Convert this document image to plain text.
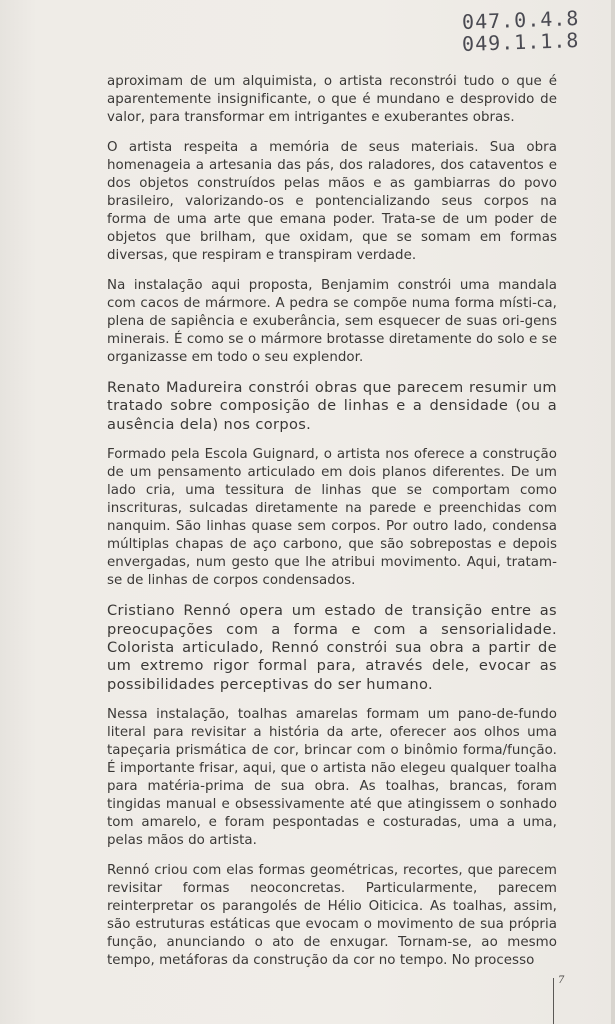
047.0.4.8
049.1.1.8

aproximam de um alquimista, o artista reconstrói tudo o que é aparentemente insignificante, o que é mundano e desprovido de valor, para transformar em intrigantes e exuberantes obras.

O artista respeita a memória de seus materiais. Sua obra homenageia a artesania das pás, dos raladores, dos cataventos e dos objetos construídos pelas mãos e as gambiarras do povo brasileiro, valorizando-os e pontencializando seus corpos na forma de uma arte que emana poder. Trata-se de um poder de objetos que brilham, que oxidam, que se somam em formas diversas, que respiram e transpiram verdade.

Na instalação aqui proposta, Benjamim constrói uma mandala com cacos de mármore. A pedra se compõe numa forma místi-ca, plena de sapiência e exuberância, sem esquecer de suas ori-gens minerais. É como se o mármore brotasse diretamente do solo e se organizasse em todo o seu explendor.

Renato Madureira constrói obras que parecem resumir um tratado sobre composição de linhas e a densidade (ou a ausência dela) nos corpos.

Formado pela Escola Guignard, o artista nos oferece a construção de um pensamento articulado em dois planos diferentes. De um lado cria, uma tessitura de linhas que se comportam como inscrituras, sulcadas diretamente na parede e preenchidas com nanquim. São linhas quase sem corpos. Por outro lado, condensa múltiplas chapas de aço carbono, que são sobrepostas e depois envergadas, num gesto que lhe atribui movimento. Aqui, tratam-se de linhas de corpos condensados.

Cristiano Rennó opera um estado de transição entre as preocupações com a forma e com a sensorialidade. Colorista articulado, Rennó constrói sua obra a partir de um extremo rigor formal para, através dele, evocar as possibilidades perceptivas do ser humano.

Nessa instalação, toalhas amarelas formam um pano-de-fundo literal para revisitar a história da arte, oferecer aos olhos uma tapeçaria prismática de cor, brincar com o binômio forma/função. É importante frisar, aqui, que o artista não elegeu qualquer toalha para matéria-prima de sua obra. As toalhas, brancas, foram tingidas manual e obsessivamente até que atingissem o sonhado tom amarelo, e foram pespontadas e costuradas, uma a uma, pelas mãos do artista.

Rennó criou com elas formas geométricas, recortes, que parecem revisitar formas neoconcretas. Particularmente, parecem reinterpretar os parangolés de Hélio Oiticica. As toalhas, assim, são estruturas estáticas que evocam o movimento de sua própria função, anunciando o ato de enxugar. Tornam-se, ao mesmo tempo, metáforas da construção da cor no tempo. No processo

7
